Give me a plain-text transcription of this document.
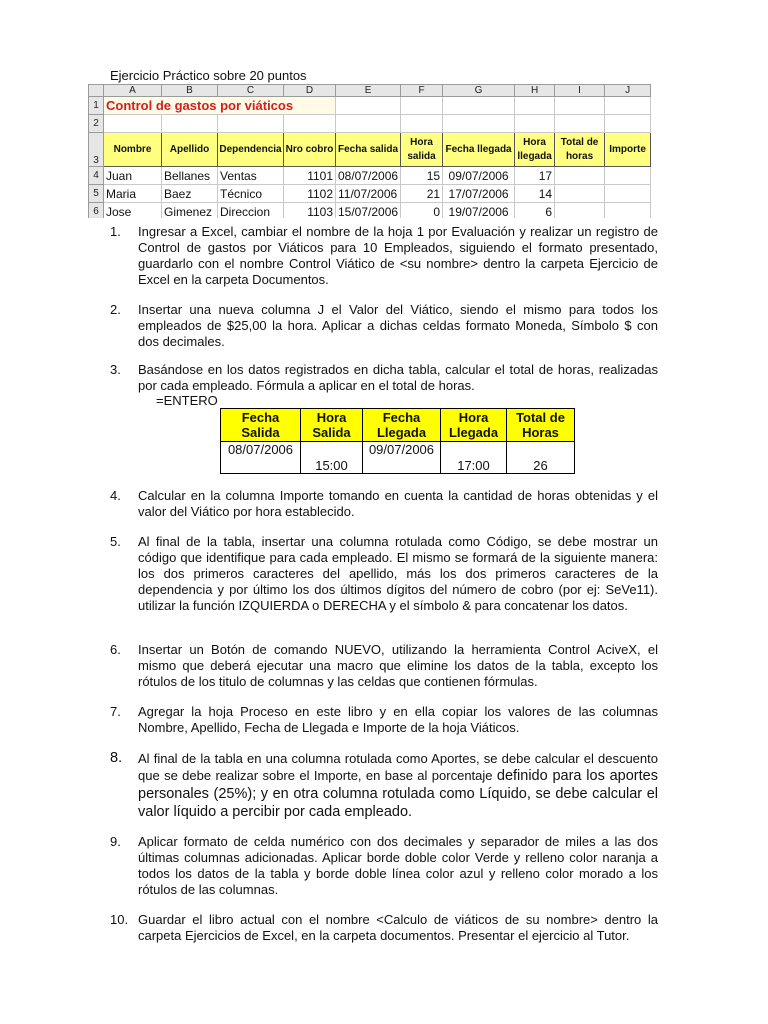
Ejercicio Práctico sobre 20 puntos
	A	B	C	D	E	F	G	H	I	J
1	Control de gastos por viáticos									
2										
3	Nombre	Apellido	Dependencia	Nro cobro	Fecha salida	Hora salida	Fecha llegada	Hora llegada	Total de horas	Importe
4	Juan	Bellanes	Ventas	1101	08/07/2006	15	09/07/2006	17		
5	Maria	Baez	Técnico	1102	11/07/2006	21	17/07/2006	14		
6	Jose	Gimenez	Direccion	1103	15/07/2006	0	19/07/2006	6		
1. Ingresar a Excel, cambiar el nombre de la hoja 1 por Evaluación y realizar un registro de Control de gastos por Viáticos para 10 Empleados, siguiendo el formato presentado, guardarlo con el nombre Control Viático de <su nombre> dentro la carpeta Ejercicio de Excel en la carpeta Documentos.
2. Insertar una nueva columna J el Valor del Viático, siendo el mismo para todos los empleados de $25,00 la hora. Aplicar a dichas celdas formato Moneda, Símbolo $ con dos decimales.
3. Basándose en los datos registrados en dicha tabla, calcular el total de horas, realizadas por cada empleado. Fórmula a aplicar en el total de horas.
=ENTERO
Fecha Salida	Hora Salida	Fecha Llegada	Hora Llegada	Total de Horas
08/07/2006	15:00	09/07/2006	17:00	26
4. Calcular en la columna Importe tomando en cuenta la cantidad de horas obtenidas y el valor del Viático por hora establecido.
5. Al final de la tabla, insertar una columna rotulada como Código, se debe mostrar un código que identifique para cada empleado. El mismo se formará de la siguiente manera: los dos primeros caracteres del apellido, más los dos primeros caracteres de la dependencia y por último los dos últimos dígitos del número de cobro (por ej: SeVe11). utilizar la función IZQUIERDA o DERECHA y el símbolo & para concatenar los datos.
6. Insertar un Botón de comando NUEVO, utilizando la herramienta Control AciveX, el mismo que deberá ejecutar una macro que elimine los datos de la tabla, excepto los rótulos de los titulo de columnas y las celdas que contienen fórmulas.
7. Agregar la hoja Proceso en este libro y en ella copiar los valores de las columnas Nombre, Apellido, Fecha de Llegada e Importe de la hoja Viáticos.
8. Al final de la tabla en una columna rotulada como Aportes, se debe calcular el descuento que se debe realizar sobre el Importe, en base al porcentaje definido para los aportes personales (25%); y en otra columna rotulada como Líquido, se debe calcular el valor líquido a percibir por cada empleado.
9. Aplicar formato de celda numérico con dos decimales y separador de miles a las dos últimas columnas adicionadas. Aplicar borde doble color Verde y relleno color naranja a todos los datos de la tabla y borde doble línea color azul y relleno color morado a los rótulos de las columnas.
10. Guardar el libro actual con el nombre <Calculo de viáticos de su nombre> dentro la carpeta Ejercicios de Excel, en la carpeta documentos. Presentar el ejercicio al Tutor.
